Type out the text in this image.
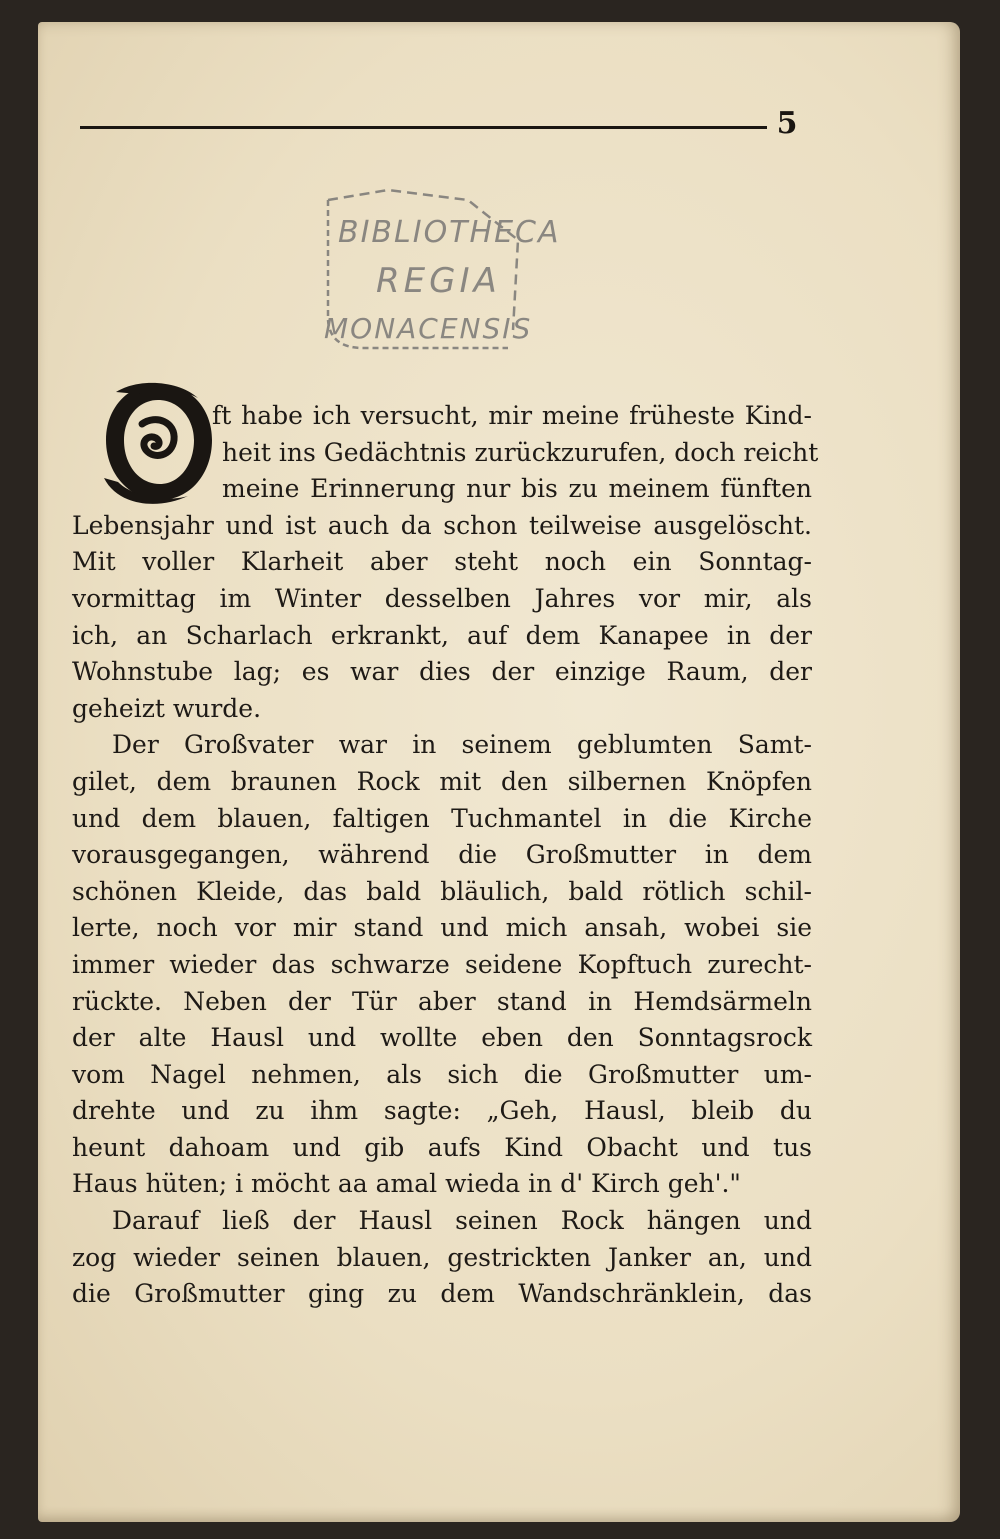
5
BIBLIOTHECA
REGIA
MONACENSIS
ft habe ich versucht, mir meine früheste Kind-
heit ins Gedächtnis zurückzurufen, doch reicht
meine Erinnerung nur bis zu meinem fünften
Lebensjahr und ist auch da schon teilweise ausgelöscht.
Mit voller Klarheit aber steht noch ein Sonntag-
vormittag im Winter desselben Jahres vor mir, als
ich, an Scharlach erkrankt, auf dem Kanapee in der
Wohnstube lag; es war dies der einzige Raum, der
geheizt wurde.
Der Großvater war in seinem geblumten Samt-
gilet, dem braunen Rock mit den silbernen Knöpfen
und dem blauen, faltigen Tuchmantel in die Kirche
vorausgegangen, während die Großmutter in dem
schönen Kleide, das bald bläulich, bald rötlich schil-
lerte, noch vor mir stand und mich ansah, wobei sie
immer wieder das schwarze seidene Kopftuch zurecht-
rückte. Neben der Tür aber stand in Hemdsärmeln
der alte Hausl und wollte eben den Sonntagsrock
vom Nagel nehmen, als sich die Großmutter um-
drehte und zu ihm sagte: „Geh, Hausl, bleib du
heunt dahoam und gib aufs Kind Obacht und tus
Haus hüten; i möcht aa amal wieda in d' Kirch geh'."
Darauf ließ der Hausl seinen Rock hängen und
zog wieder seinen blauen, gestrickten Janker an, und
die Großmutter ging zu dem Wandschränklein, das
